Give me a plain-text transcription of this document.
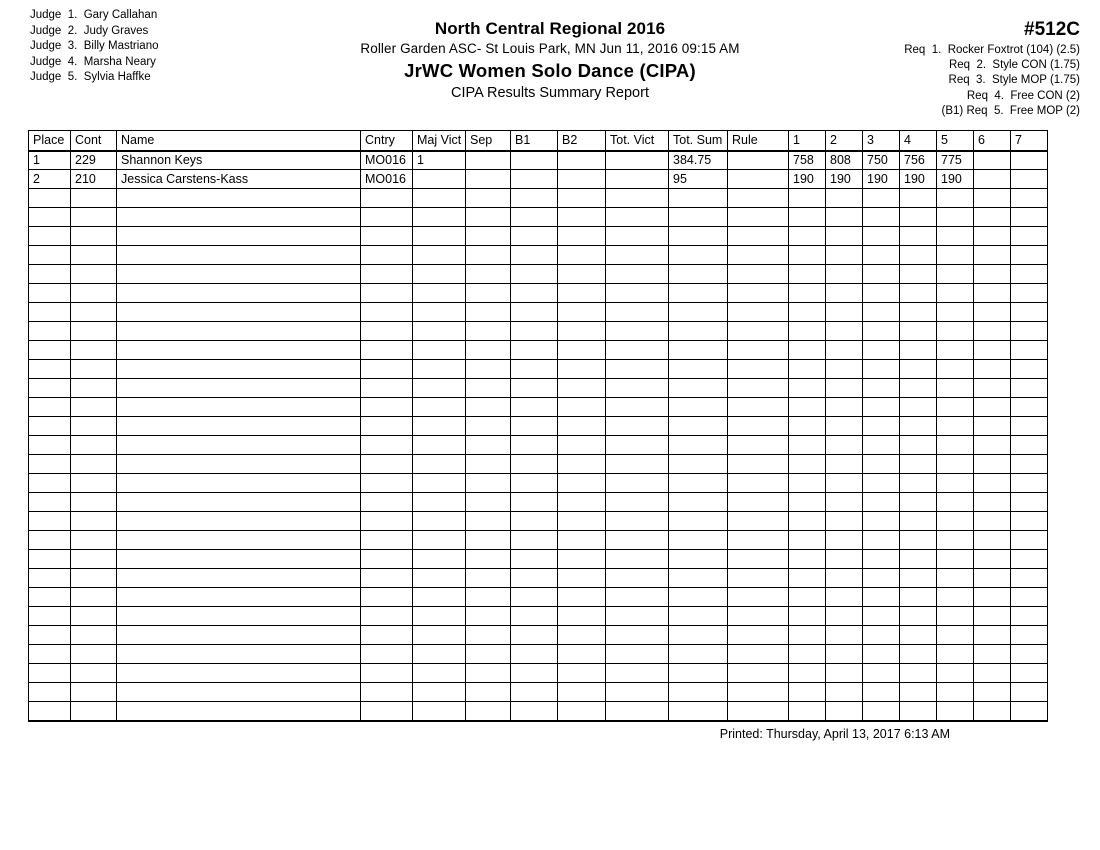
Judge  1.  Gary Callahan
Judge  2.  Judy Graves
Judge  3.  Billy Mastriano
Judge  4.  Marsha Neary
Judge  5.  Sylvia Haffke
North Central Regional 2016
Roller Garden ASC- St Louis Park, MN Jun 11, 2016 09:15 AM
JrWC Women Solo Dance (CIPA)
CIPA Results Summary Report
#512C
Req  1.  Rocker Foxtrot (104) (2.5)
Req  2.  Style CON (1.75)
Req  3.  Style MOP (1.75)
Req  4.  Free CON (2)
(B1) Req  5.  Free MOP (2)
Place	Cont	Name	Cntry	Maj Vict	Sep	B1	B2	Tot. Vict	Tot. Sum	Rule	1	2	3	4	5	6	7
1	229	Shannon Keys	MO016	1					384.75		758	808	750	756	775		
2	210	Jessica Carstens-Kass	MO016						95		190	190	190	190	190		

Printed: Thursday, April 13, 2017 6:13 AM
